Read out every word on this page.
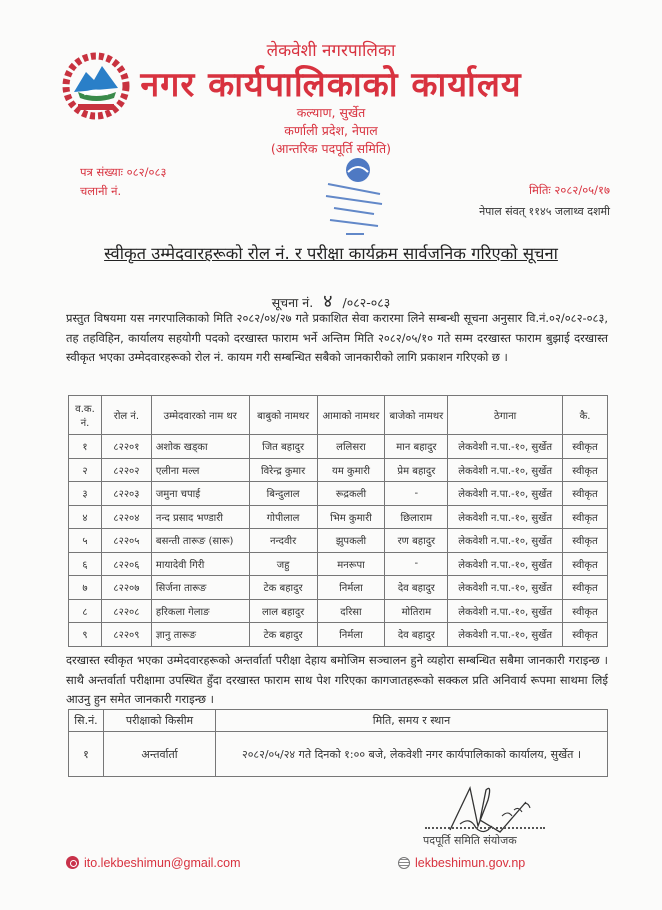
लेकवेशी नगरपालिका
नगर कार्यपालिकाको कार्यालय
कल्याण, सुर्खेत
कर्णाली प्रदेश, नेपाल
(आन्तरिक पदपूर्ति समिति)
पत्र संख्याः ०८२/०८३
चलानी नं.	मितिः २०८२/०५/१७
नेपाल संवत् ११४५ जलाथ्व दशमी
स्वीकृत उम्मेदवारहरूको रोल नं. र परीक्षा कार्यक्रम सार्वजनिक गरिएको सूचना
सूचना नं. ४ /०८२-०८३
प्रस्तुत विषयमा यस नगरपालिकाको मिति २०८२/०४/२७ गते प्रकाशित सेवा करारमा लिने सम्बन्धी सूचना अनुसार वि.नं.०२/०८२-०८३, तह तहविहिन, कार्यालय सहयोगी पदको दरखास्त फाराम भर्ने अन्तिम मिति २०८२/०५/१० गते सम्म दरखास्त फाराम बुझाई दरखास्त स्वीकृत भएका उम्मेदवारहरूको रोल नं. कायम गरी सम्बन्धित सबैको जानकारीको लागि प्रकाशन गरिएको छ ।
व.क. नं.	रोल नं.	उम्मेदवारको नाम थर	बाबुको नामथर	आमाको नामथर	बाजेको नामथर	ठेगाना	कै.
१	८२२०१	अशोक खड्का	जित बहादुर	ललिसरा	मान बहादुर	लेकवेशी न.पा.-१०, सुर्खेत	स्वीकृत
२	८२२०२	एलीना मल्ल	विरेन्द्र कुमार	यम कुमारी	प्रेम बहादुर	लेकवेशी न.पा.-१०, सुर्खेत	स्वीकृत
३	८२२०३	जमुना चपाई	बिन्दुलाल	रूद्रकली	-	लेकवेशी न.पा.-१०, सुर्खेत	स्वीकृत
४	८२२०४	नन्द प्रसाद भण्डारी	गोपीलाल	भिम कुमारी	छिलाराम	लेकवेशी न.पा.-१०, सुर्खेत	स्वीकृत
५	८२२०५	बसन्ती तारूङ (सारू)	नन्दवीर	झुपकली	रण बहादुर	लेकवेशी न.पा.-१०, सुर्खेत	स्वीकृत
६	८२२०६	मायादेवी गिरी	जहु	मनरूपा	-	लेकवेशी न.पा.-१०, सुर्खेत	स्वीकृत
७	८२२०७	सिर्जना तारूङ	टेक बहादुर	निर्मला	देव बहादुर	लेकवेशी न.पा.-१०, सुर्खेत	स्वीकृत
८	८२२०८	हरिकला गेलाङ	लाल बहादुर	दरिसा	मोतिराम	लेकवेशी न.पा.-१०, सुर्खेत	स्वीकृत
९	८२२०९	ज्ञानु तारूङ	टेक बहादुर	निर्मला	देव बहादुर	लेकवेशी न.पा.-१०, सुर्खेत	स्वीकृत
दरखास्त स्वीकृत भएका उम्मेदवारहरूको अन्तर्वार्ता परीक्षा देहाय बमोजिम सञ्चालन हुने व्यहोरा सम्बन्धित सबैमा जानकारी गराइन्छ । साथै अन्तर्वार्ता परीक्षामा उपस्थित हुँदा दरखास्त फाराम साथ पेश गरिएका कागजातहरूको सक्कल प्रति अनिवार्य रूपमा साथमा लिई आउनु हुन समेत जानकारी गराइन्छ ।
सि.नं.	परीक्षाको किसीम	मिति, समय र स्थान
१	अन्तर्वार्ता	२०८२/०५/२४ गते दिनको १:०० बजे, लेकवेशी नगर कार्यपालिकाको कार्यालय, सुर्खेत ।
पदपूर्ति समिति संयोजक
ito.lekbeshimun@gmail.com	lekbeshimun.gov.np
